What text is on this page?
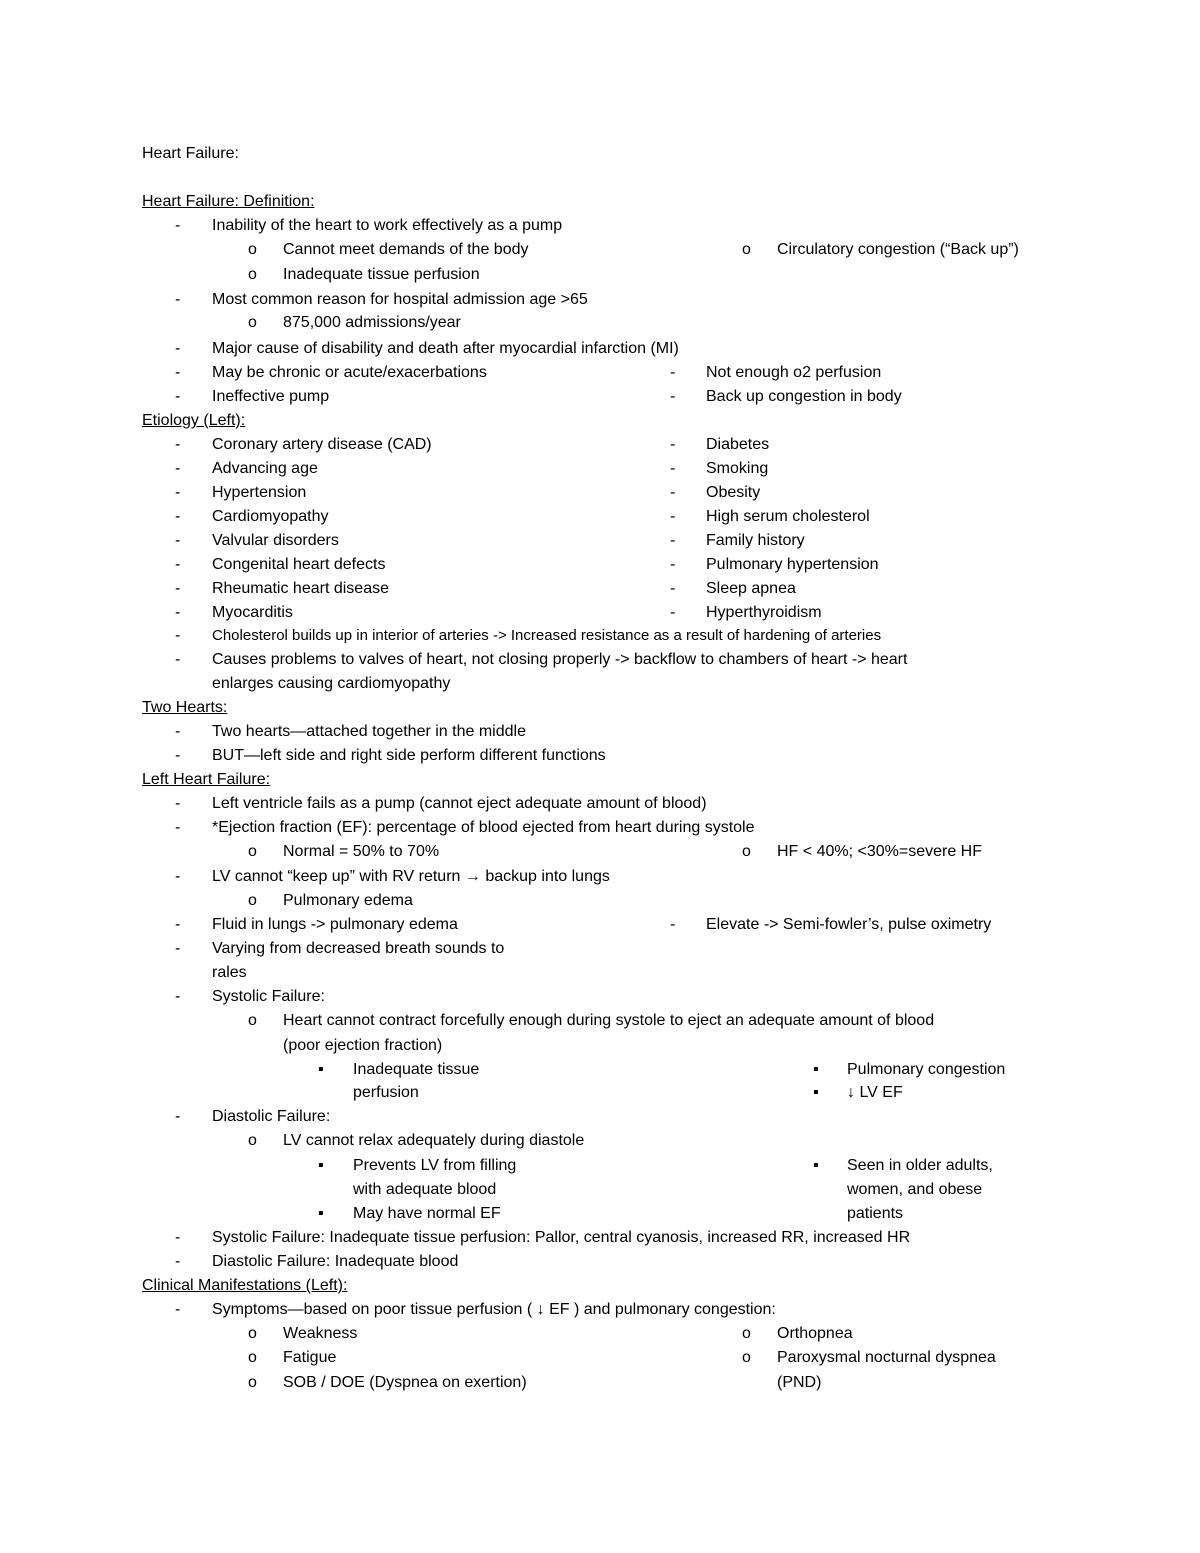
Heart Failure:
Heart Failure: Definition:
- Inability of the heart to work effectively as a pump
o Cannot meet demands of the body	o Circulatory congestion (“Back up”)
o Inadequate tissue perfusion
- Most common reason for hospital admission age >65
o 875,000 admissions/year
- Major cause of disability and death after myocardial infarction (MI)
- May be chronic or acute/exacerbations	- Not enough o2 perfusion
- Ineffective pump	- Back up congestion in body
Etiology (Left):
- Coronary artery disease (CAD)	- Diabetes
- Advancing age	- Smoking
- Hypertension	- Obesity
- Cardiomyopathy	- High serum cholesterol
- Valvular disorders	- Family history
- Congenital heart defects	- Pulmonary hypertension
- Rheumatic heart disease	- Sleep apnea
- Myocarditis	- Hyperthyroidism
- Cholesterol builds up in interior of arteries -> Increased resistance as a result of hardening of arteries
- Causes problems to valves of heart, not closing properly -> backflow to chambers of heart -> heart
enlarges causing cardiomyopathy
Two Hearts:
- Two hearts—attached together in the middle
- BUT—left side and right side perform different functions
Left Heart Failure:
- Left ventricle fails as a pump (cannot eject adequate amount of blood)
- *Ejection fraction (EF): percentage of blood ejected from heart during systole
o Normal = 50% to 70%	o HF < 40%; <30%=severe HF
- LV cannot “keep up” with RV return → backup into lungs
o Pulmonary edema
- Fluid in lungs -> pulmonary edema	- Elevate -> Semi-fowler’s, pulse oximetry
- Varying from decreased breath sounds to
rales
- Systolic Failure:
o Heart cannot contract forcefully enough during systole to eject an adequate amount of blood
(poor ejection fraction)
▪ Inadequate tissue
perfusion
▪ Pulmonary congestion
▪ ↓ LV EF
- Diastolic Failure:
o LV cannot relax adequately during diastole
▪ Prevents LV from filling
with adequate blood
▪ May have normal EF
▪ Seen in older adults,
women, and obese
patients
- Systolic Failure: Inadequate tissue perfusion: Pallor, central cyanosis, increased RR, increased HR
- Diastolic Failure: Inadequate blood
Clinical Manifestations (Left):
- Symptoms—based on poor tissue perfusion ( ↓ EF ) and pulmonary congestion:
o Weakness	o Orthopnea
o Fatigue	o Paroxysmal nocturnal dyspnea
o SOB / DOE (Dyspnea on exertion)	(PND)
